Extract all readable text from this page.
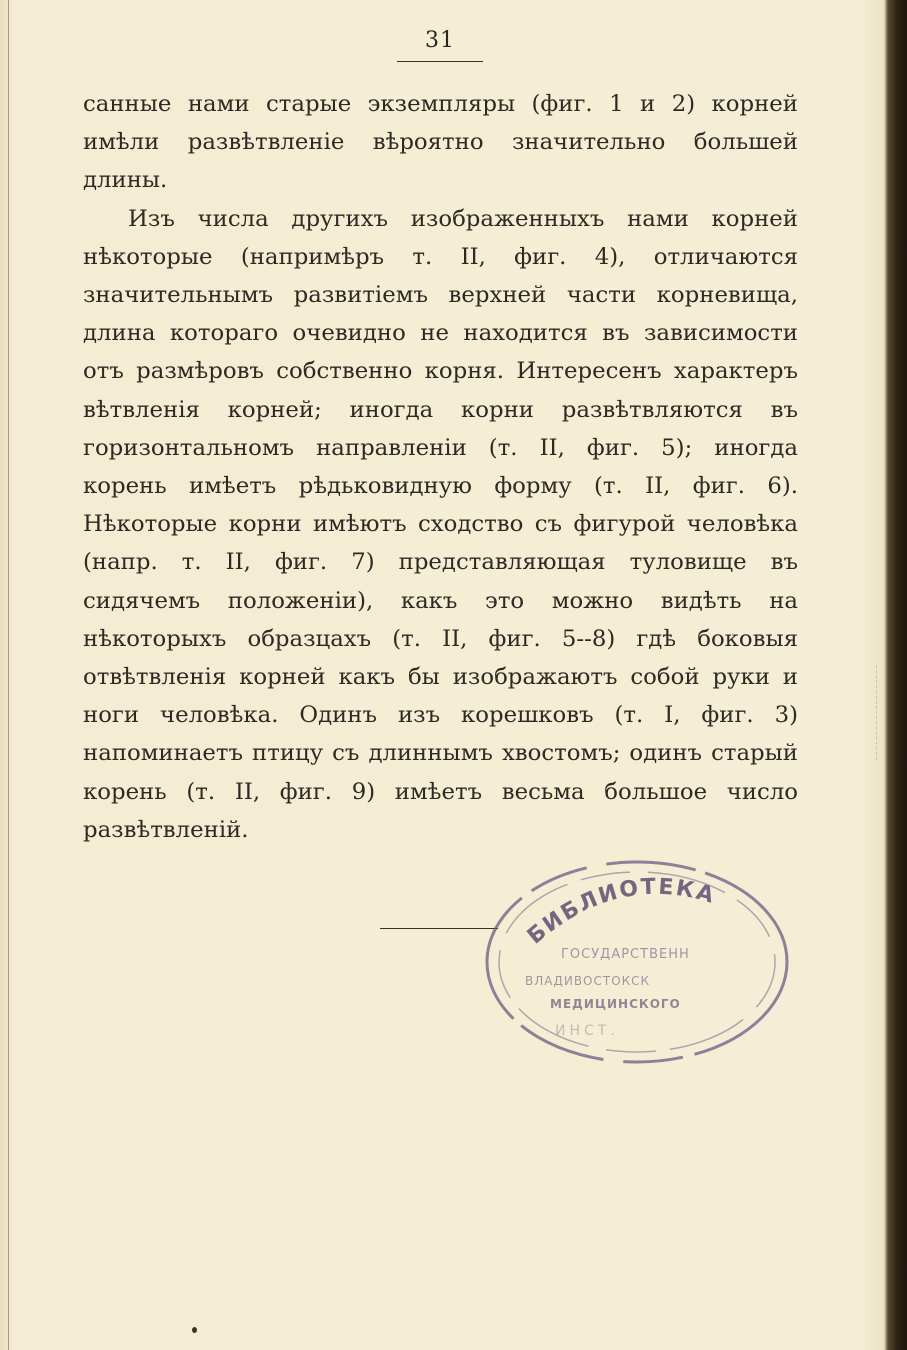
31

санные нами старые экземпляры (фиг. 1 и 2) корней имѣли развѣтвленіе вѣроятно значительно большей длины.

Изъ числа другихъ изображенныхъ нами корней нѣкоторые (напримѣръ т. II, фиг. 4), отличаются значительнымъ развитіемъ верхней части корневища, длина котораго очевидно не находится въ зависимости отъ размѣровъ собственно корня. Интересенъ характеръ вѣтвленія корней; иногда корни развѣтвляются въ горизонтальномъ направленіи (т. II, фиг. 5); иногда корень имѣетъ рѣдьковидную форму (т. II, фиг. 6). Нѣкоторые корни имѣютъ сходство съ фигурой человѣка (напр. т. II, фиг. 7) представляющая туловище въ сидячемъ положеніи), какъ это можно видѣть на нѣкоторыхъ образцахъ (т. II, фиг. 5--8) гдѣ боковыя отвѣтвленія корней какъ бы изображаютъ собой руки и ноги человѣка. Одинъ изъ корешковъ (т. I, фиг. 3) напоминаетъ птицу съ длиннымъ хвостомъ; одинъ старый корень (т. II, фиг. 9) имѣетъ весьма большое число развѣтвленій.

БИБЛИОТЕКА
ГОСУДАРСТВЕНН
ВЛАДИВОСТОКСК
МЕДИЦИНСКОГО
ИНСТ.
